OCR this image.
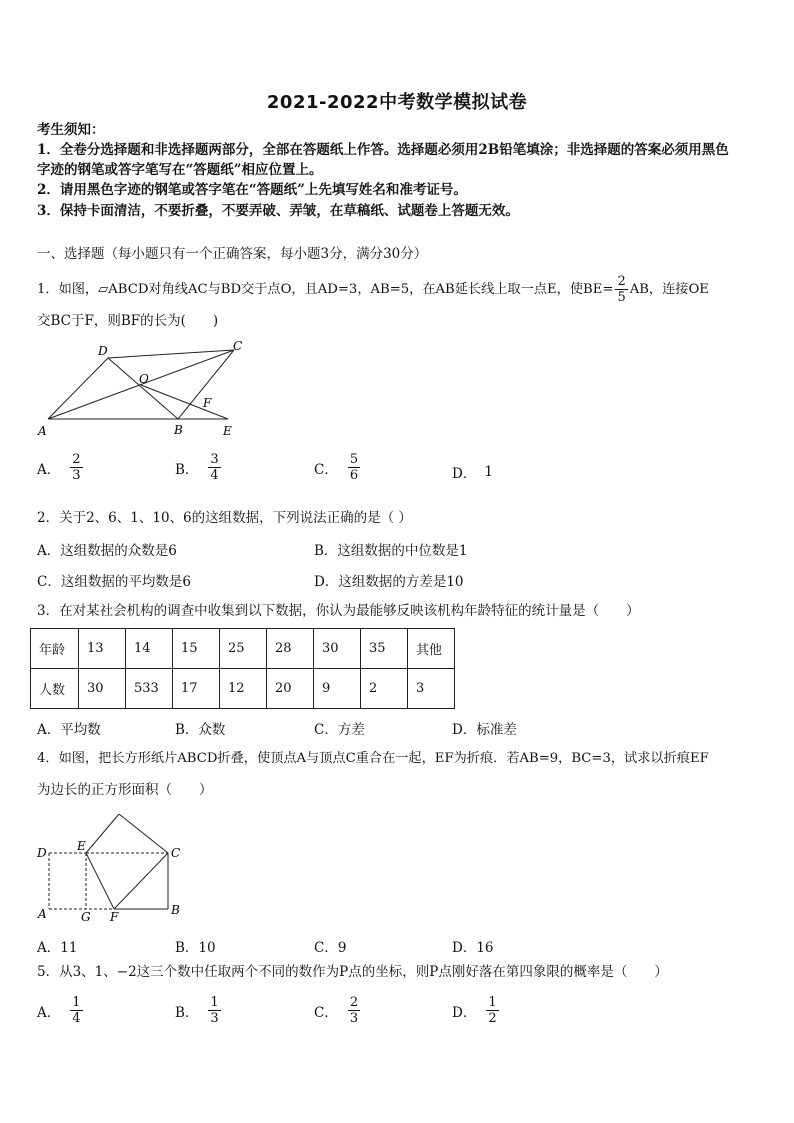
2021-2022中考数学模拟试卷
考生须知：
1．全卷分选择题和非选择题两部分，全部在答题纸上作答。选择题必须用2B铅笔填涂；非选择题的答案必须用黑色
字迹的钢笔或答字笔写在“答题纸”相应位置上。
2．请用黑色字迹的钢笔或答字笔在“答题纸”上先填写姓名和准考证号。
3．保持卡面清洁，不要折叠，不要弄破、弄皱，在草稿纸、试题卷上答题无效。
一、选择题（每小题只有一个正确答案，每小题3分，满分30分）
1．如图，▱ABCD对角线AC与BD交于点O，且AD=3，AB=5，在AB延长线上取一点E，使$BE= \frac{2}{5}$ AB，连接OE
交BC于F，则BF的长为(　　)
A	B
C
D
E
O
F
A． $\frac{2}{3}$	B． $\frac{3}{4}$	C． $\frac{5}{6}$	D． 1
2．关于2、6、1、10、6的这组数据，下列说法正确的是（ ）
A．这组数据的众数是6	B．这组数据的中位数是1
C．这组数据的平均数是6	D．这组数据的方差是10
3．在对某社会机构的调查中收集到以下数据，你认为最能够反映该机构年龄特征的统计量是（　　）
年龄	13	14	15	25	28	30	35	其他
人数	30	533	17	12	20	9	2	3
A．平均数	B．众数	C．方差	D．标准差
4．如图，把长方形纸片ABCD折叠，使顶点A与顶点C重合在一起，EF为折痕．若AB=9，BC=3，试求以折痕EF
为边长的正方形面积（　　）
D	E	C
A	G F	B
A．11	B．10	C．9	D．16
5．从3、1、−2这三个数中任取两个不同的数作为P点的坐标，则P点刚好落在第四象限的概率是（　　）
A． $\frac{1}{4}$	B． $\frac{1}{3}$	C． $\frac{2}{3}$	D． $\frac{1}{2}$
